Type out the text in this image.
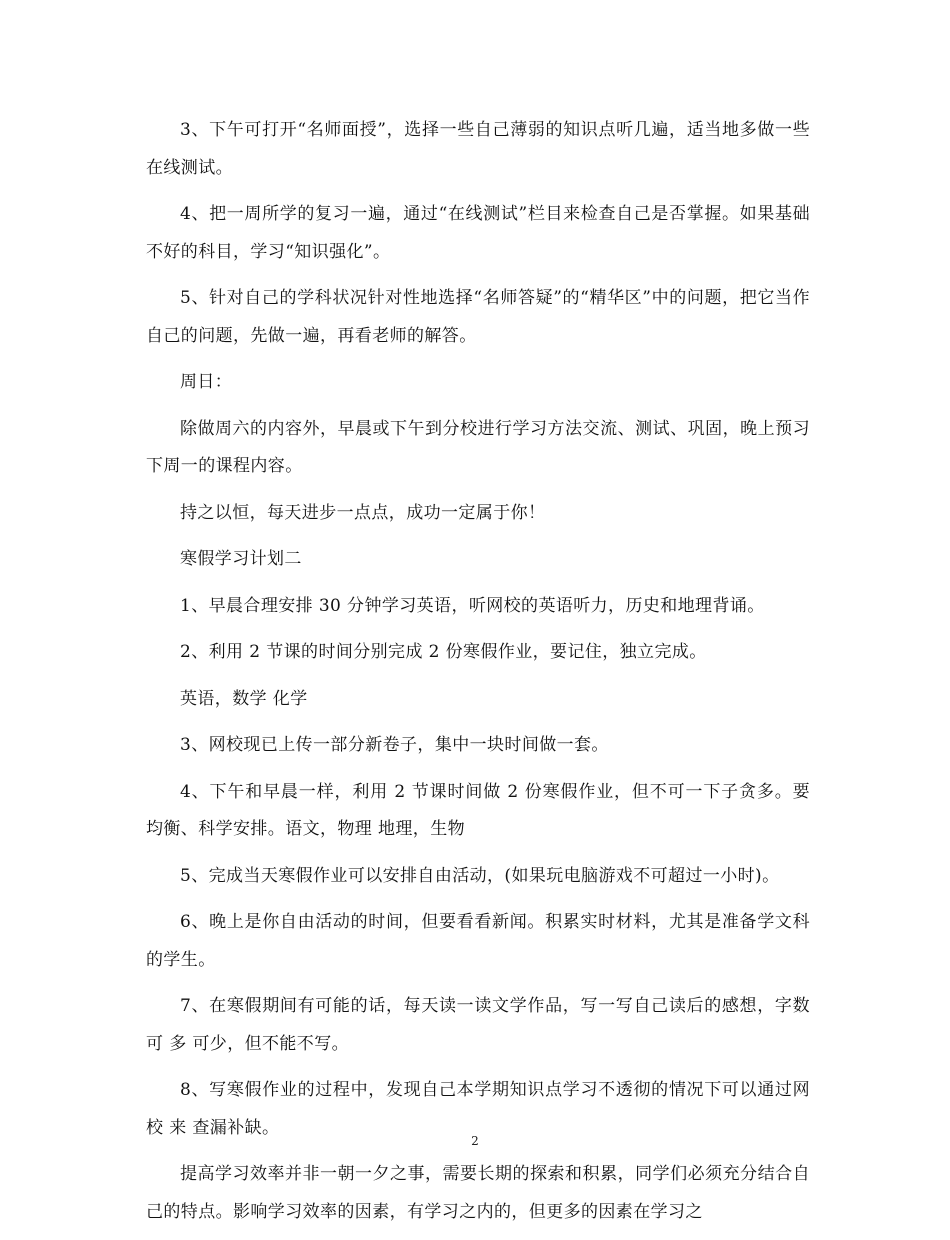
3、下午可打开“名师面授”，选择一些自己薄弱的知识点听几遍，适当地多做一些在线测试。

4、把一周所学的复习一遍，通过“在线测试”栏目来检查自己是否掌握。如果基础不好的科目，学习“知识强化”。

5、针对自己的学科状况针对性地选择“名师答疑”的“精华区”中的问题，把它当作自己的问题，先做一遍，再看老师的解答。

周日：

除做周六的内容外，早晨或下午到分校进行学习方法交流、测试、巩固，晚上预习下周一的课程内容。

持之以恒，每天进步一点点，成功一定属于你！

寒假学习计划二

1、早晨合理安排 30 分钟学习英语，听网校的英语听力，历史和地理背诵。

2、利用 2 节课的时间分别完成 2 份寒假作业，要记住，独立完成。

英语，数学 化学

3、网校现已上传一部分新卷子，集中一块时间做一套。

4、下午和早晨一样，利用 2 节课时间做 2 份寒假作业，但不可一下子贪多。要均衡、科学安排。语文，物理 地理，生物

5、完成当天寒假作业可以安排自由活动，(如果玩电脑游戏不可超过一小时)。

6、晚上是你自由活动的时间，但要看看新闻。积累实时材料，尤其是准备学文科的学生。

7、在寒假期间有可能的话，每天读一读文学作品，写一写自己读后的感想，字数可 多 可少，但不能不写。

8、写寒假作业的过程中，发现自己本学期知识点学习不透彻的情况下可以通过网校 来 查漏补缺。

提高学习效率并非一朝一夕之事，需要长期的探索和积累，同学们必须充分结合自己的特点。影响学习效率的因素，有学习之内的，但更多的因素在学习之

2
